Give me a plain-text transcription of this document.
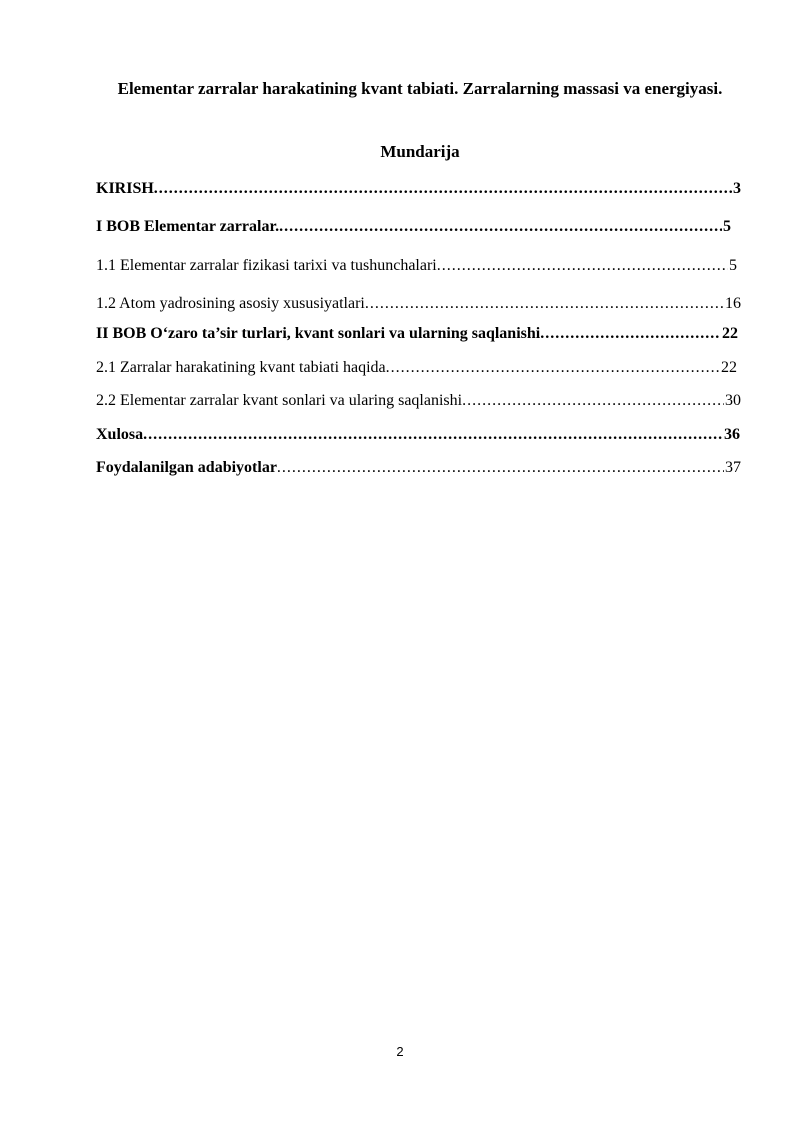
Elementar zarralar harakatining kvant tabiati. Zarralarning massasi va energiyasi.
Mundarija
KIRISH .....	3
I BOB Elementar zarralar. .....	5
1.1 Elementar zarralar fizikasi tarixi va tushunchalari .....	5
1.2 Atom yadrosining asosiy xususiyatlari .....	16
II BOB Oʻzaro ta’sir turlari, kvant sonlari va ularning saqlanishi .....	22
2.1 Zarralar harakatining kvant tabiati haqida .....	22
2.2 Elementar zarralar kvant sonlari va ularing saqlanishi .....	30
Xulosa .....	36
Foydalanilgan adabiyotlar .....	37
2
